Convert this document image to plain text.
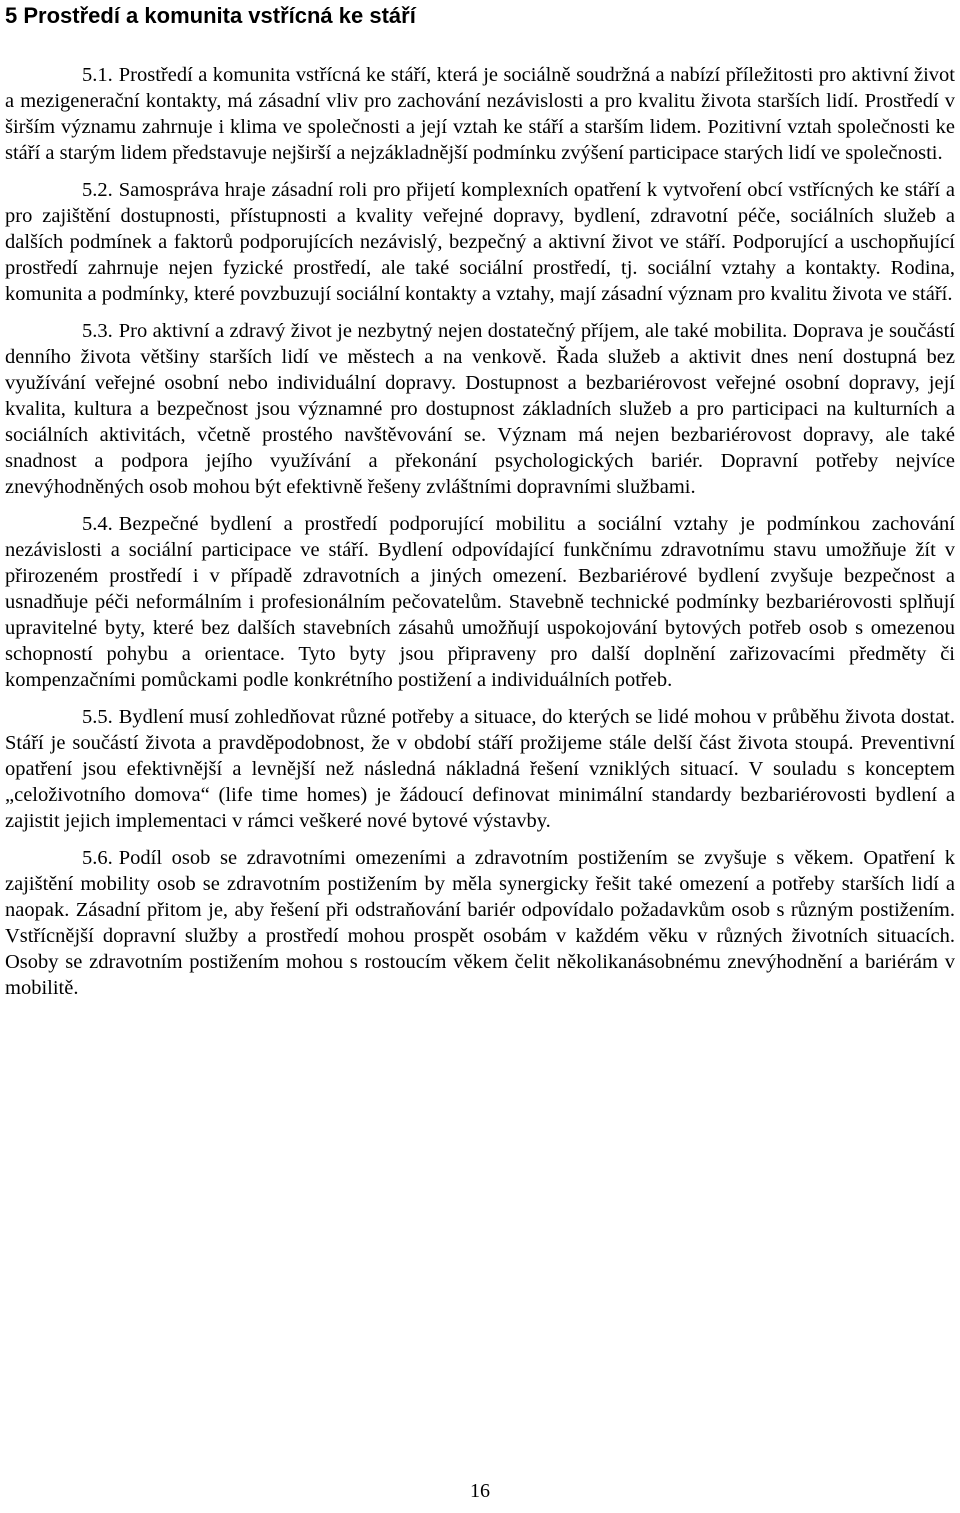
5 Prostředí a komunita vstřícná ke stáří

5.1. Prostředí a komunita vstřícná ke stáří, která je sociálně soudržná a nabízí příležitosti pro aktivní život a mezigenerační kontakty, má zásadní vliv pro zachování nezávislosti a pro kvalitu života starších lidí. Prostředí v širším významu zahrnuje i klima ve společnosti a její vztah ke stáří a starším lidem. Pozitivní vztah společnosti ke stáří a starým lidem představuje nejširší a nejzákladnější podmínku zvýšení participace starých lidí ve společnosti.

5.2. Samospráva hraje zásadní roli pro přijetí komplexních opatření k vytvoření obcí vstřícných ke stáří a pro zajištění dostupnosti, přístupnosti a kvality veřejné dopravy, bydlení, zdravotní péče, sociálních služeb a dalších podmínek a faktorů podporujících nezávislý, bezpečný a aktivní život ve stáří. Podporující a uschopňující prostředí zahrnuje nejen fyzické prostředí, ale také sociální prostředí, tj. sociální vztahy a kontakty. Rodina, komunita a podmínky, které povzbuzují sociální kontakty a vztahy, mají zásadní význam pro kvalitu života ve stáří.

5.3. Pro aktivní a zdravý život je nezbytný nejen dostatečný příjem, ale také mobilita. Doprava je součástí denního života většiny starších lidí ve městech a na venkově. Řada služeb a aktivit dnes není dostupná bez využívání veřejné osobní nebo individuální dopravy. Dostupnost a bezbariérovost veřejné osobní dopravy, její kvalita, kultura a bezpečnost jsou významné pro dostupnost základních služeb a pro participaci na kulturních a sociálních aktivitách, včetně prostého navštěvování se. Význam má nejen bezbariérovost dopravy, ale také snadnost a podpora jejího využívání a překonání psychologických bariér. Dopravní potřeby nejvíce znevýhodněných osob mohou být efektivně řešeny zvláštními dopravními službami.

5.4. Bezpečné bydlení a prostředí podporující mobilitu a sociální vztahy je podmínkou zachování nezávislosti a sociální participace ve stáří. Bydlení odpovídající funkčnímu zdravotnímu stavu umožňuje žít v přirozeném prostředí i v případě zdravotních a jiných omezení. Bezbariérové bydlení zvyšuje bezpečnost a usnadňuje péči neformálním i profesionálním pečovatelům. Stavebně technické podmínky bezbariérovosti splňují upravitelné byty, které bez dalších stavebních zásahů umožňují uspokojování bytových potřeb osob s omezenou schopností pohybu a orientace. Tyto byty jsou připraveny pro další doplnění zařizovacími předměty či kompenzačními pomůckami podle konkrétního postižení a individuálních potřeb.

5.5. Bydlení musí zohledňovat různé potřeby a situace, do kterých se lidé mohou v průběhu života dostat. Stáří je součástí života a pravděpodobnost, že v období stáří prožijeme stále delší část života stoupá. Preventivní opatření jsou efektivnější a levnější než následná nákladná řešení vzniklých situací. V souladu s konceptem „celoživotního domova“ (life time homes) je žádoucí definovat minimální standardy bezbariérovosti bydlení a zajistit jejich implementaci v rámci veškeré nové bytové výstavby.

5.6. Podíl osob se zdravotními omezeními a zdravotním postižením se zvyšuje s věkem. Opatření k zajištění mobility osob se zdravotním postižením by měla synergicky řešit také omezení a potřeby starších lidí a naopak. Zásadní přitom je, aby řešení při odstraňování bariér odpovídalo požadavkům osob s různým postižením. Vstřícnější dopravní služby a prostředí mohou prospět osobám v každém věku v různých životních situacích. Osoby se zdravotním postižením mohou s rostoucím věkem čelit několikanásobnému znevýhodnění a bariérám v mobilitě.

16
